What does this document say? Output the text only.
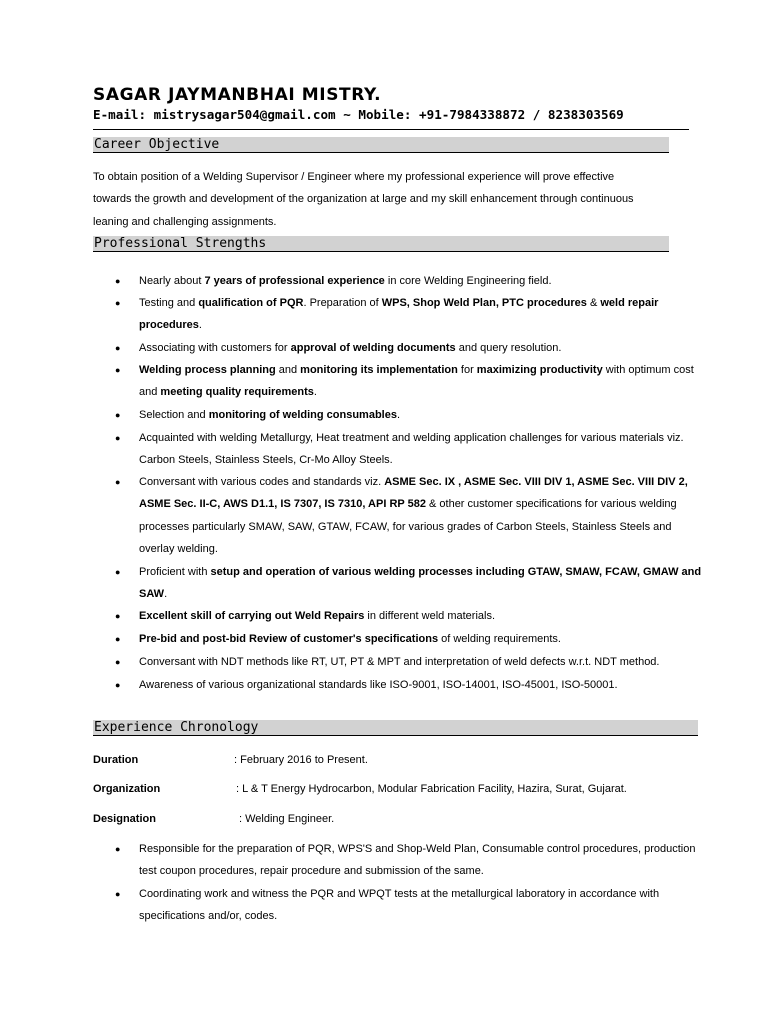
SAGAR JAYMANBHAI MISTRY.
E-mail: mistrysagar504@gmail.com ~ Mobile: +91-7984338872 / 8238303569
Career Objective
To obtain position of a Welding Supervisor / Engineer where my professional experience will prove effective
towards the growth and development of the organization at large and my skill enhancement through continuous
leaning and challenging assignments.
Professional Strengths
● Nearly about 7 years of professional experience in core Welding Engineering field.
● Testing and qualification of PQR. Preparation of WPS, Shop Weld Plan, PTC procedures & weld repair procedures.
● Associating with customers for approval of welding documents and query resolution.
● Welding process planning and monitoring its implementation for maximizing productivity with optimum cost and meeting quality requirements.
● Selection and monitoring of welding consumables.
● Acquainted with welding Metallurgy, Heat treatment and welding application challenges for various materials viz. Carbon Steels, Stainless Steels, Cr-Mo Alloy Steels.
● Conversant with various codes and standards viz. ASME Sec. IX , ASME Sec. VIII DIV 1, ASME Sec. VIII DIV 2, ASME Sec. II-C, AWS D1.1, IS 7307, IS 7310, API RP 582 & other customer specifications for various welding processes particularly SMAW, SAW, GTAW, FCAW, for various grades of Carbon Steels, Stainless Steels and overlay welding.
● Proficient with setup and operation of various welding processes including GTAW, SMAW, FCAW, GMAW and SAW.
● Excellent skill of carrying out Weld Repairs in different weld materials.
● Pre-bid and post-bid Review of customer's specifications of welding requirements.
● Conversant with NDT methods like RT, UT, PT & MPT and interpretation of weld defects w.r.t. NDT method.
● Awareness of various organizational standards like ISO-9001, ISO-14001, ISO-45001, ISO-50001.
Experience Chronology
Duration	: February 2016 to Present.
Organization	: L & T Energy Hydrocarbon, Modular Fabrication Facility, Hazira, Surat, Gujarat.
Designation	: Welding Engineer.
● Responsible for the preparation of PQR, WPS'S and Shop-Weld Plan, Consumable control procedures, production test coupon procedures, repair procedure and submission of the same.
● Coordinating work and witness the PQR and WPQT tests at the metallurgical laboratory in accordance with specifications and/or, codes.
